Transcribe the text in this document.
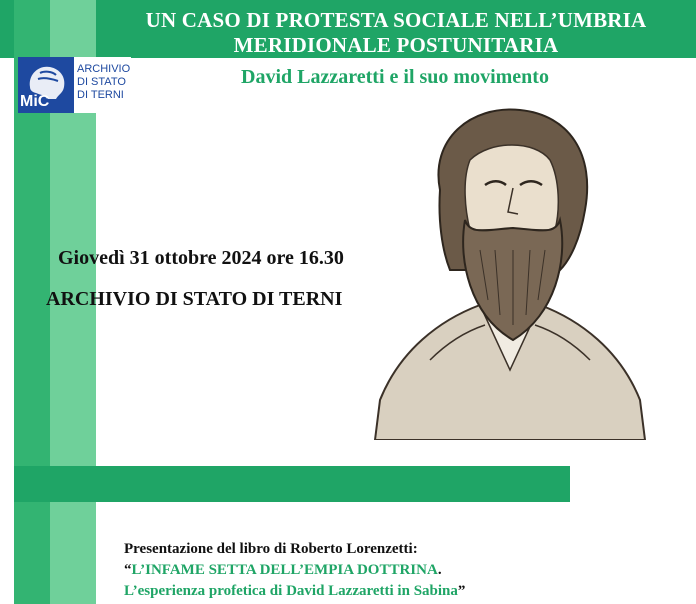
UN CASO DI PROTESTA SOCIALE NELL’UMBRIA
MERIDIONALE POSTUNITARIA
MiC
ARCHIVIO
DI STATO
DI TERNI
David Lazzaretti e il suo movimento
Giovedì 31 ottobre 2024 ore 16.30
ARCHIVIO DI STATO DI TERNI
Presentazione del libro di Roberto Lorenzetti:
“L’INFAME SETTA DELL’EMPIA DOTTRINA.
L’esperienza profetica di David Lazzaretti in Sabina”
